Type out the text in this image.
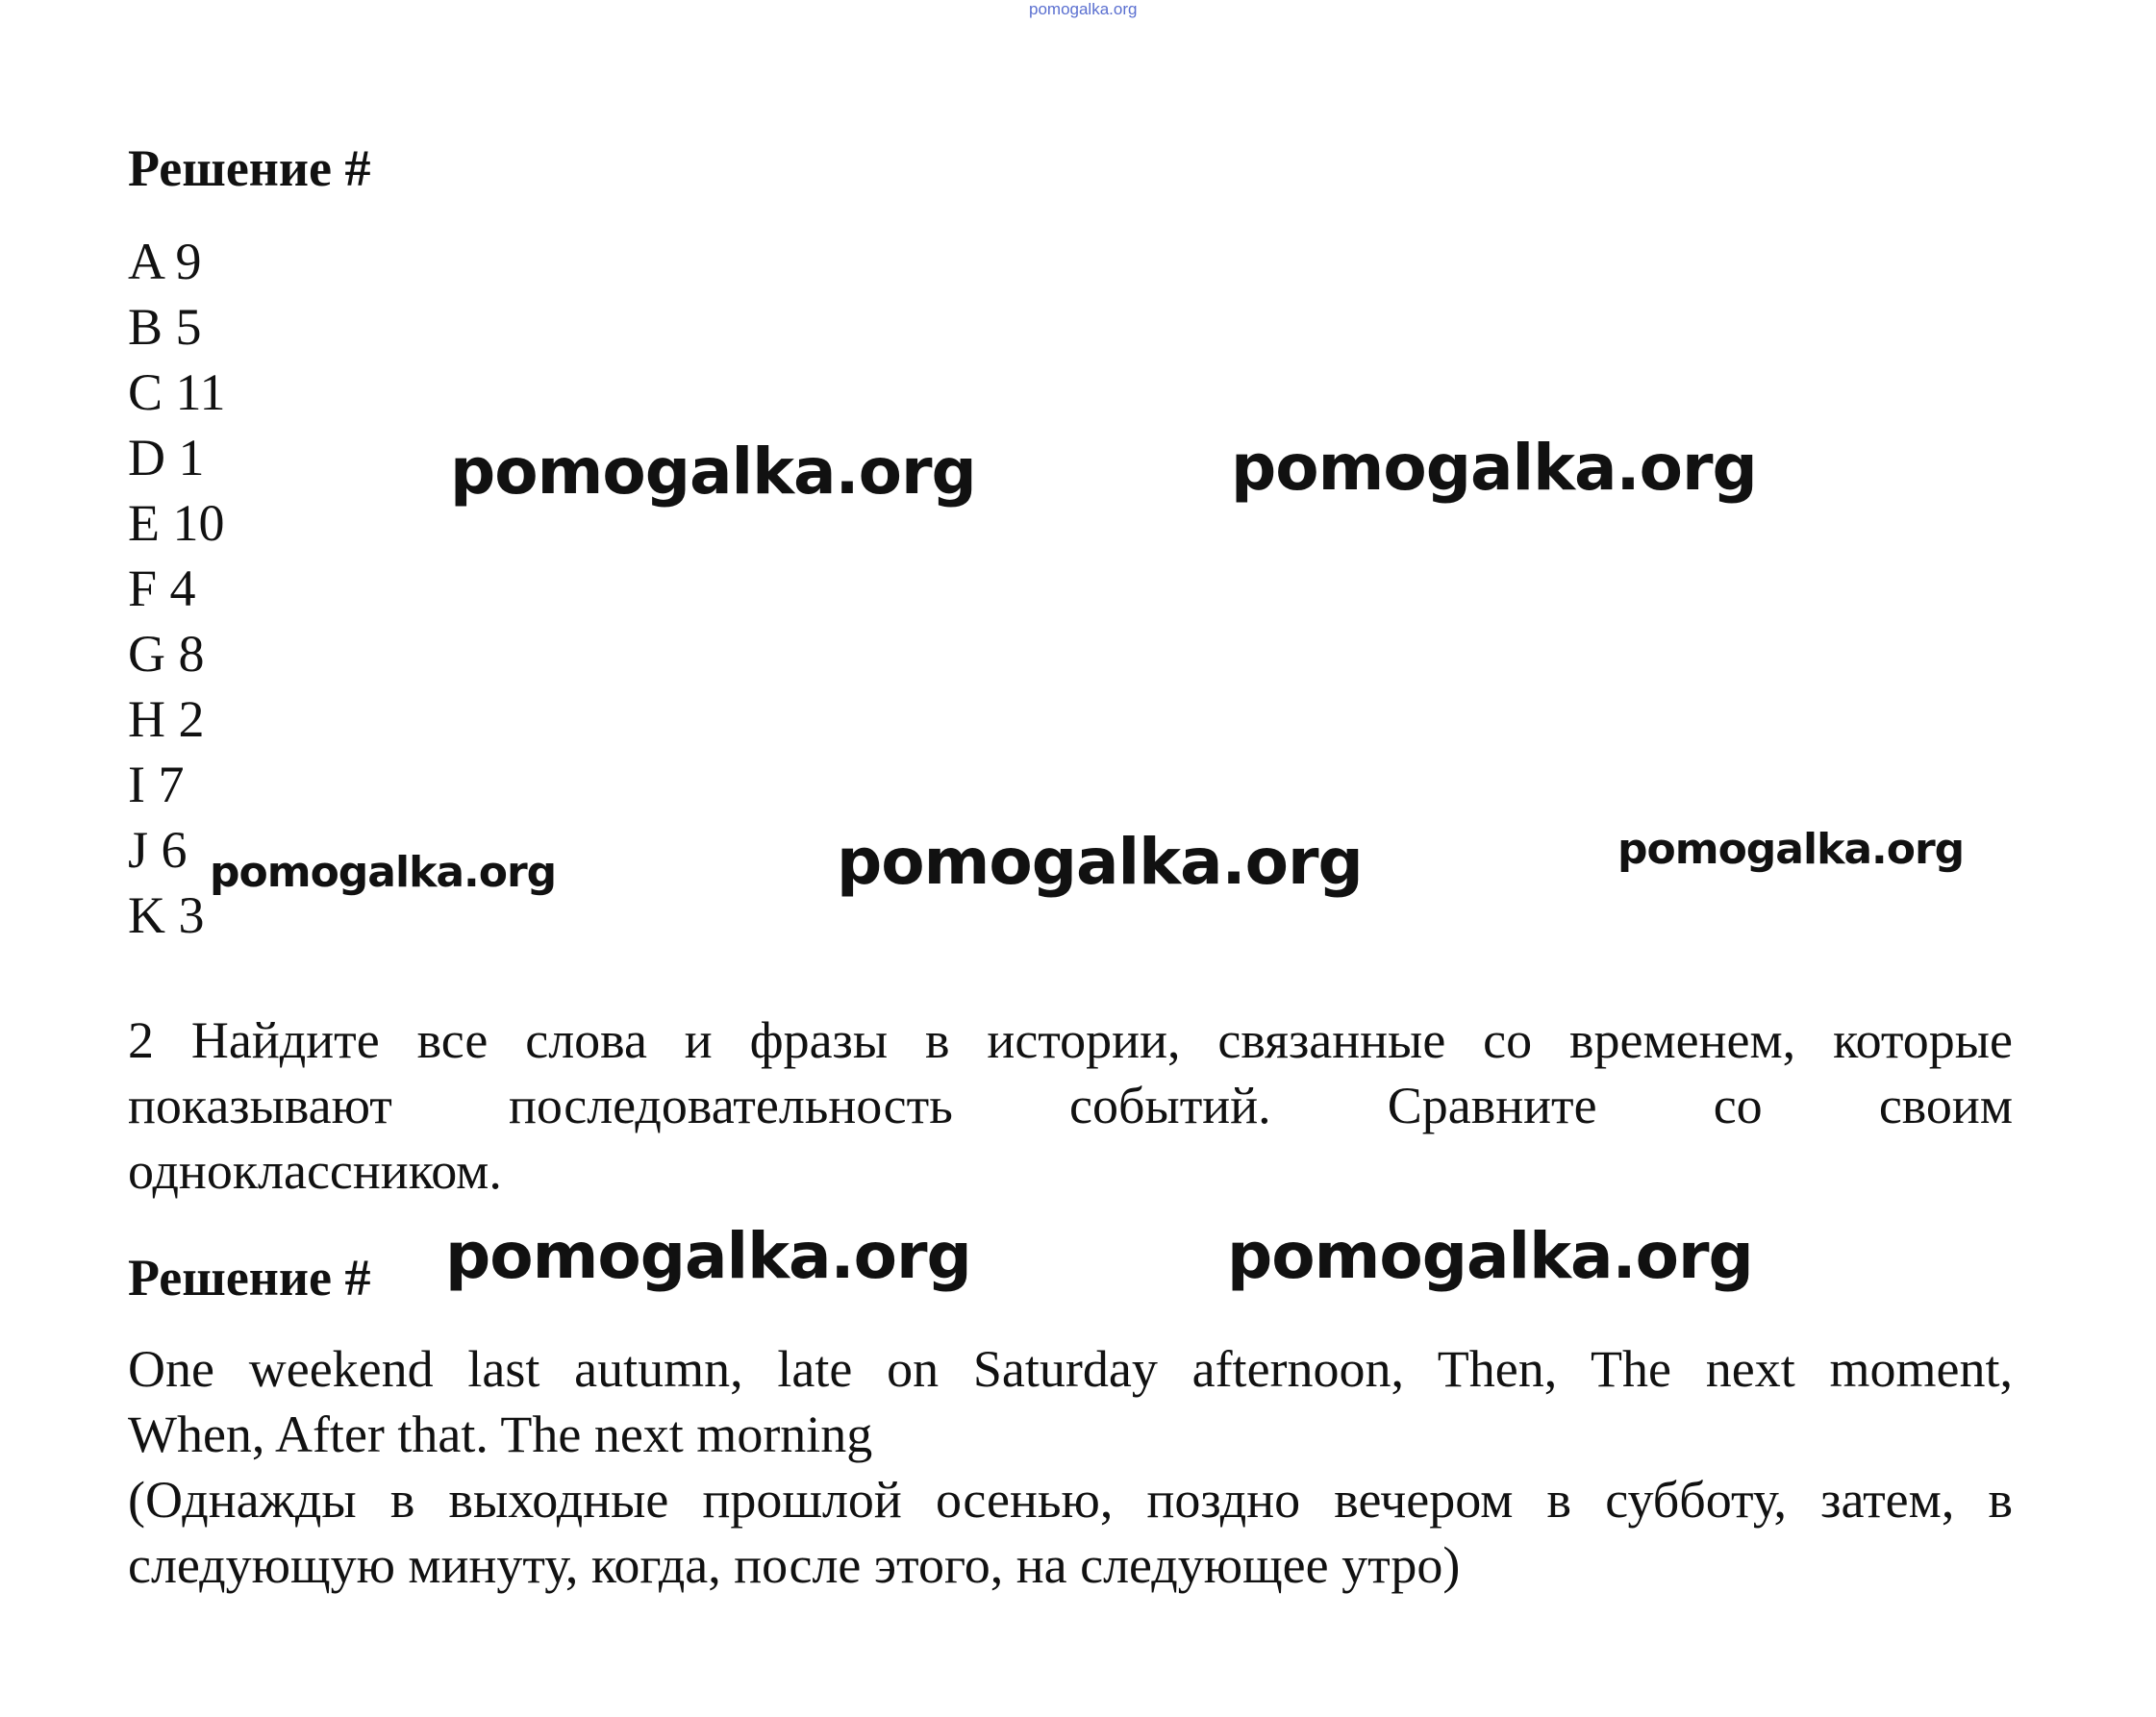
pomogalka.org
Решение #
A 9
B 5
C 11
D 1
E 10
F 4
G 8
H 2
I 7
J 6
K 3
2 Найдите все слова и фразы в истории, связанные со временем, которые
показывают последовательность событий. Сравните со своим
одноклассником.
Решение #
One weekend last autumn, late on Saturday afternoon, Then, The next moment,
When, After that. The next morning
(Однажды в выходные прошлой осенью, поздно вечером в субботу, затем, в
следующую минуту, когда, после этого, на следующее утро)
pomogalka.org	pomogalka.org
pomogalka.org	pomogalka.org	pomogalka.org
pomogalka.org	pomogalka.org
